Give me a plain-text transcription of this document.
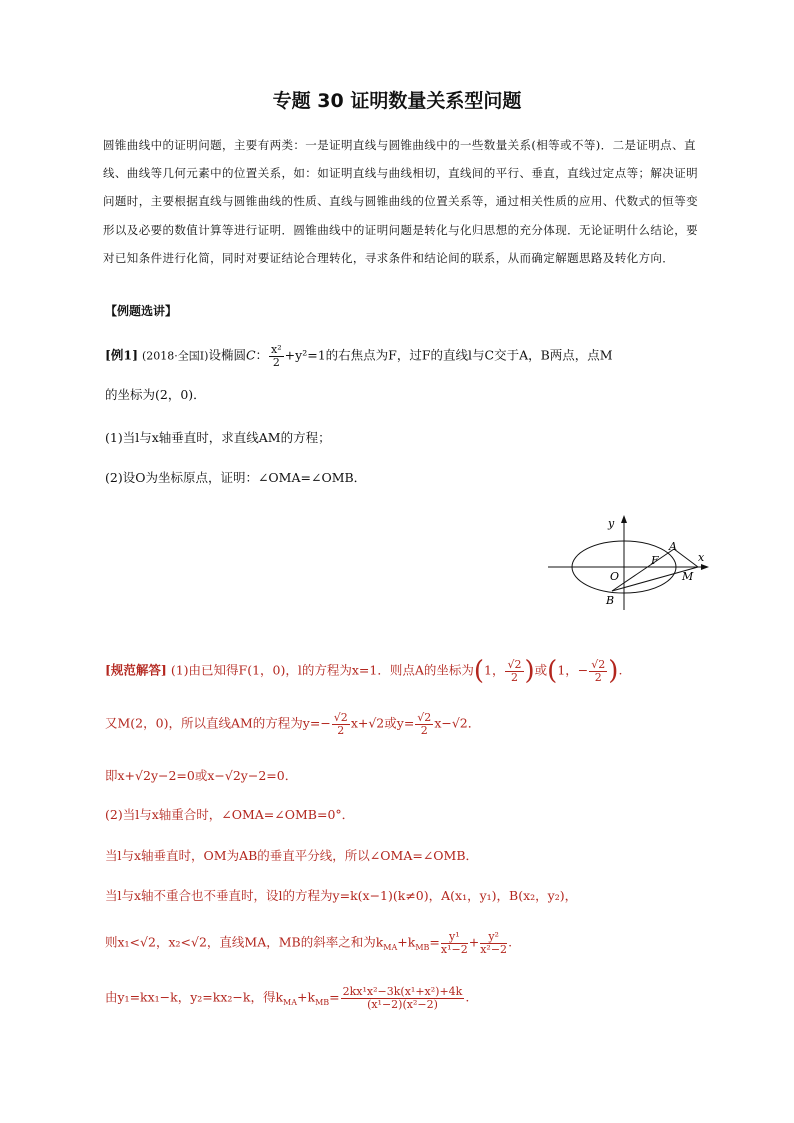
专题 30 证明数量关系型问题
圆锥曲线中的证明问题，主要有两类：一是证明直线与圆锥曲线中的一些数量关系(相等或不等)．二是证明点、直线、曲线等几何元素中的位置关系，如：如证明直线与曲线相切，直线间的平行、垂直，直线过定点等；解决证明问题时，主要根据直线与圆锥曲线的性质、直线与圆锥曲线的位置关系等，通过相关性质的应用、代数式的恒等变形以及必要的数值计算等进行证明．圆锥曲线中的证明问题是转化与化归思想的充分体现．无论证明什么结论，要对已知条件进行化简，同时对要证结论合理转化，寻求条件和结论间的联系，从而确定解题思路及转化方向．
【例题选讲】
[例1] (2018·全国Ⅰ)设椭圆C： $\frac{\text{x²}}{2} +y^2=1$的右焦点为F，过F的直线l与C交于A，B两点，点M
的坐标为(2，0)．
(1)当l与x轴垂直时，求直线AM的方程；
(2)设O为坐标原点，证明：∠OMA=∠OMB．
y
x
A
F
O	M
B
[规范解答] (1)由已知得F(1，0)，l的方程为x=1．则点A的坐标为(1， $\frac{√2}{2}$ )或(1，− $\frac{√2}{2}$ ).
又M(2，0)，所以直线AM的方程为$y=- \frac{√2}{2} x+√2$或$y= \frac{√2}{2} x-√2$．
即x+√2y−2=0或x−√2y−2=0．
(2)当l与x轴重合时，∠OMA=∠OMB=0°．
当l与x轴垂直时，OM为AB的垂直平分线，所以∠OMA=∠OMB．
当l与x轴不重合也不垂直时，设l的方程为y=k(x−1)(k≠0)，A(x₁，y₁)，B(x₂，y₂)，
则x₁<√2，x₂<√2，直线MA，MB的斜率之和为$k_{MA}+k_{MB}= \frac{\text{y¹}}{\text{x¹−2}} + \frac{\text{y²}}{\text{x²−2}}$ .
由y₁=kx₁−k，y₂=kx₂−k，得$k_{MA}+k_{MB}= \frac{\text{2kx¹x²−3k(x¹+x²)+4k}}{\text{(x¹−2)(x²−2)}}$ .
